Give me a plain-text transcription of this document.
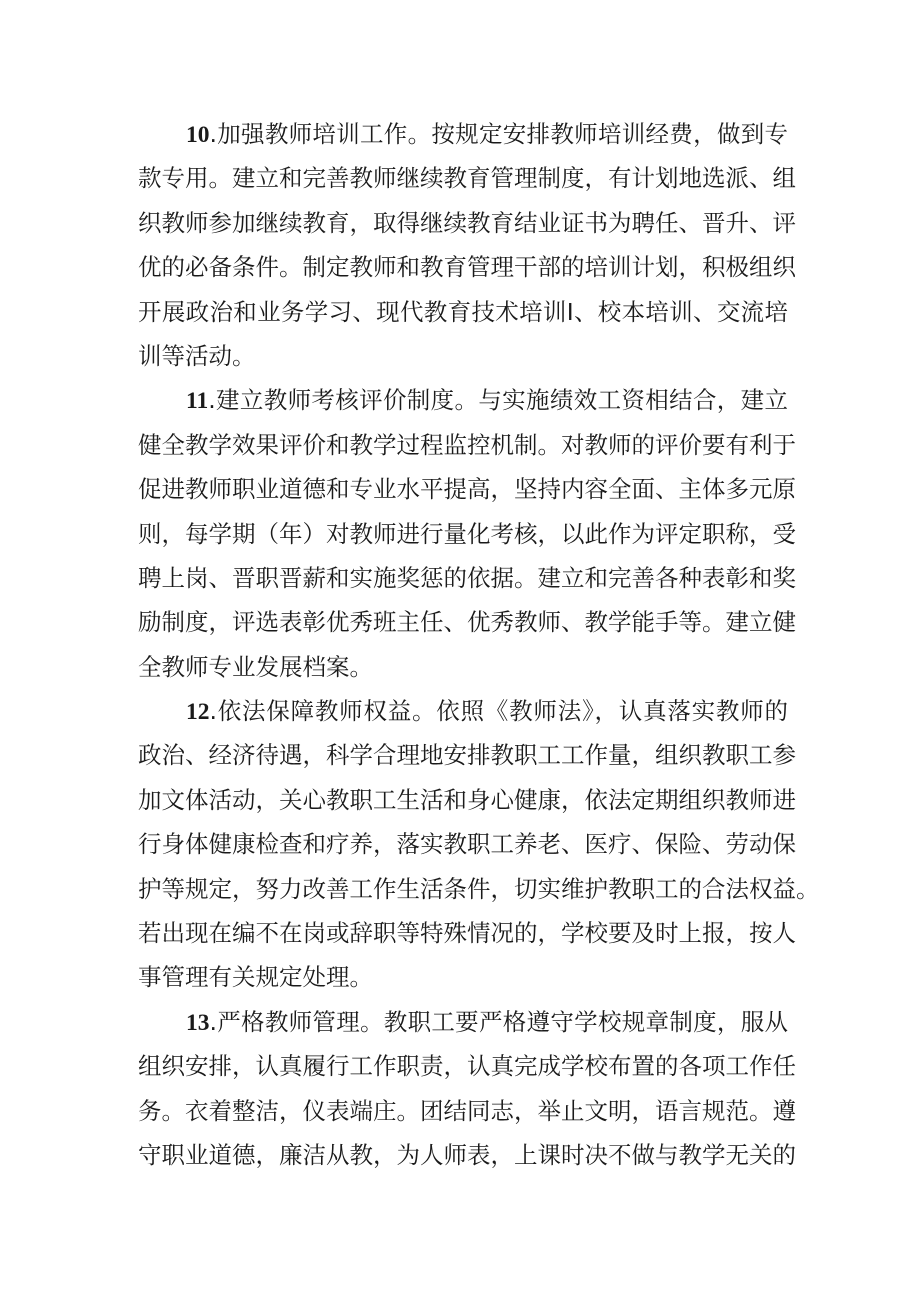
10.加强教师培训工作。按规定安排教师培训经费，做到专
款专用。建立和完善教师继续教育管理制度，有计划地选派、组
织教师参加继续教育，取得继续教育结业证书为聘任、晋升、评
优的必备条件。制定教师和教育管理干部的培训计划，积极组织
开展政治和业务学习、现代教育技术培训I、校本培训、交流培
训等活动。
11.建立教师考核评价制度。与实施绩效工资相结合，建立
健全教学效果评价和教学过程监控机制。对教师的评价要有利于
促进教师职业道德和专业水平提高，坚持内容全面、主体多元原
则，每学期（年）对教师进行量化考核，以此作为评定职称，受
聘上岗、晋职晋薪和实施奖惩的依据。建立和完善各种表彰和奖
励制度，评选表彰优秀班主任、优秀教师、教学能手等。建立健
全教师专业发展档案。
12.依法保障教师权益。依照《教师法》，认真落实教师的
政治、经济待遇，科学合理地安排教职工工作量，组织教职工参
加文体活动，关心教职工生活和身心健康，依法定期组织教师进
行身体健康检查和疗养，落实教职工养老、医疗、保险、劳动保
护等规定，努力改善工作生活条件，切实维护教职工的合法权益。
若出现在编不在岗或辞职等特殊情况的，学校要及时上报，按人
事管理有关规定处理。
13.严格教师管理。教职工要严格遵守学校规章制度，服从
组织安排，认真履行工作职责，认真完成学校布置的各项工作任
务。衣着整洁，仪表端庄。团结同志，举止文明，语言规范。遵
守职业道德，廉洁从教，为人师表，上课时决不做与教学无关的
